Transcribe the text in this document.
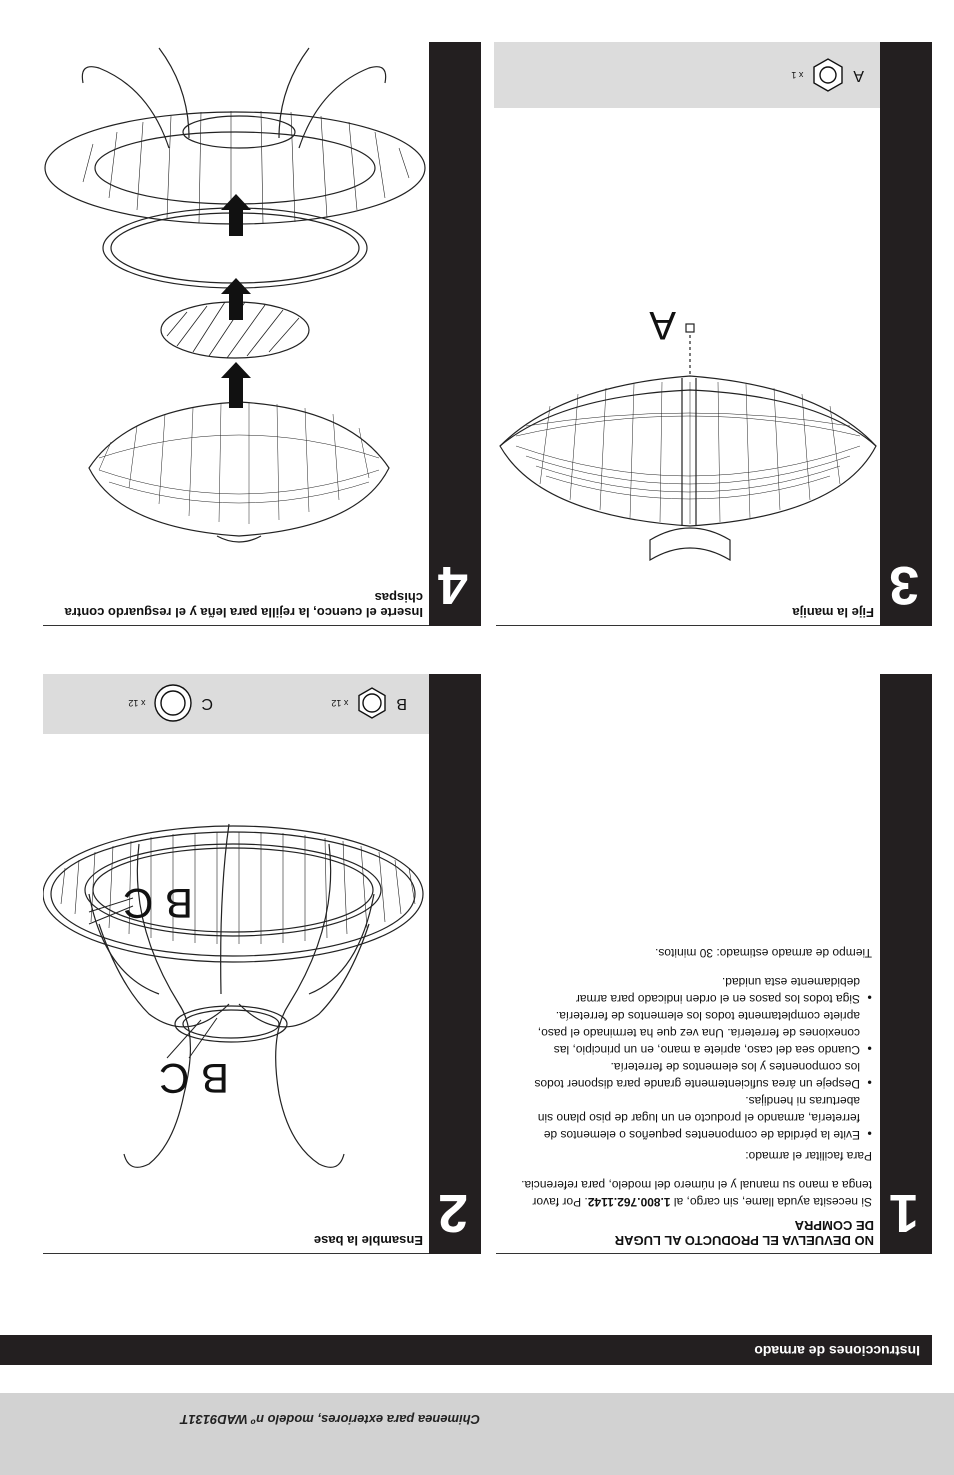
Chimenea para exteriores, modelo nº WAD9131T
Instrucciones de armado
1
NO DEVUELVA EL PRODUCTO AL LUGAR DE COMPRA

Si necesita ayuda llame, sin cargo, al 1.800.762.1142. Por favor tenga a mano su manual y el número del modelo, para referencia.

Para facilitar el armado:

● Evite la pérdida de componentes pequeños o elementos de ferretería, armando el producto en un lugar de piso plano sin aberturas ni hendijas.
● Despeje un área suficientemente grande para disponer todos los componentes y los elementos de ferretería.
● Cuando sea del caso, apriete a mano, en un principio, las conexiones de ferretería. Una vez que ha terminado el paso, apriete completamente todos los elementos de ferretería.
● Siga todos los pasos en el orden indicado para armar debidamente esta unidad.

Tiempo de armado estimado: 30 minitos.

2
Ensamble la base
B
x 12
C
x 12
B C
B C
3
Fije la manija
A
x 1
A
4
Inserte el cuenco, la rejilla para leña y el resguardo contra chispas
